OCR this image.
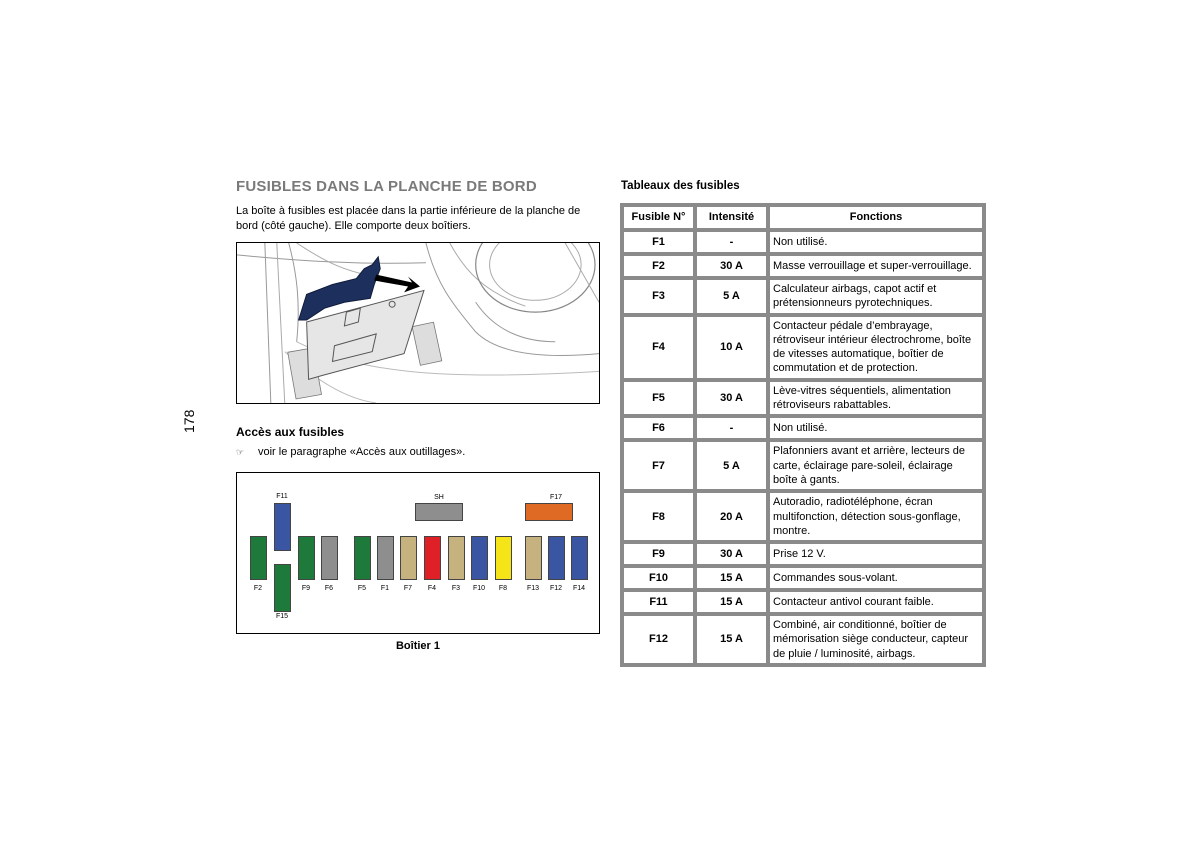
178
FUSIBLES DANS LA PLANCHE DE BORD
La boîte à fusibles est placée dans la partie inférieure de la planche de bord (côté gauche). Elle comporte deux boîtiers.
Accès aux fusibles
☞	voir le paragraphe «Accès aux outillages».
F11
F15
SH	F17
F2	F9	F6	F5	F1	F7	F4	F3	F10	F8	F13	F12	F14
Boîtier 1
Tableaux des fusibles
Fusible N°	Intensité	Fonctions
F1	-	Non utilisé.
F2	30 A	Masse verrouillage et super-verrouillage.
F3	5 A	Calculateur airbags, capot actif et prétensionneurs pyrotechniques.
F4	10 A	Contacteur pédale d’embrayage, rétroviseur intérieur électrochrome, boîte de vitesses automatique, boîtier de commutation et de protection.
F5	30 A	Lève-vitres séquentiels, alimentation rétroviseurs rabattables.
F6	-	Non utilisé.
F7	5 A	Plafonniers avant et arrière, lecteurs de carte, éclairage pare-soleil, éclairage boîte à gants.
F8	20 A	Autoradio, radiotéléphone, écran multifonction, détection sous-gonflage, montre.
F9	30 A	Prise 12 V.
F10	15 A	Commandes sous-volant.
F11	15 A	Contacteur antivol courant faible.
F12	15 A	Combiné, air conditionné, boîtier de mémorisation siège conducteur, capteur de pluie / luminosité, airbags.
